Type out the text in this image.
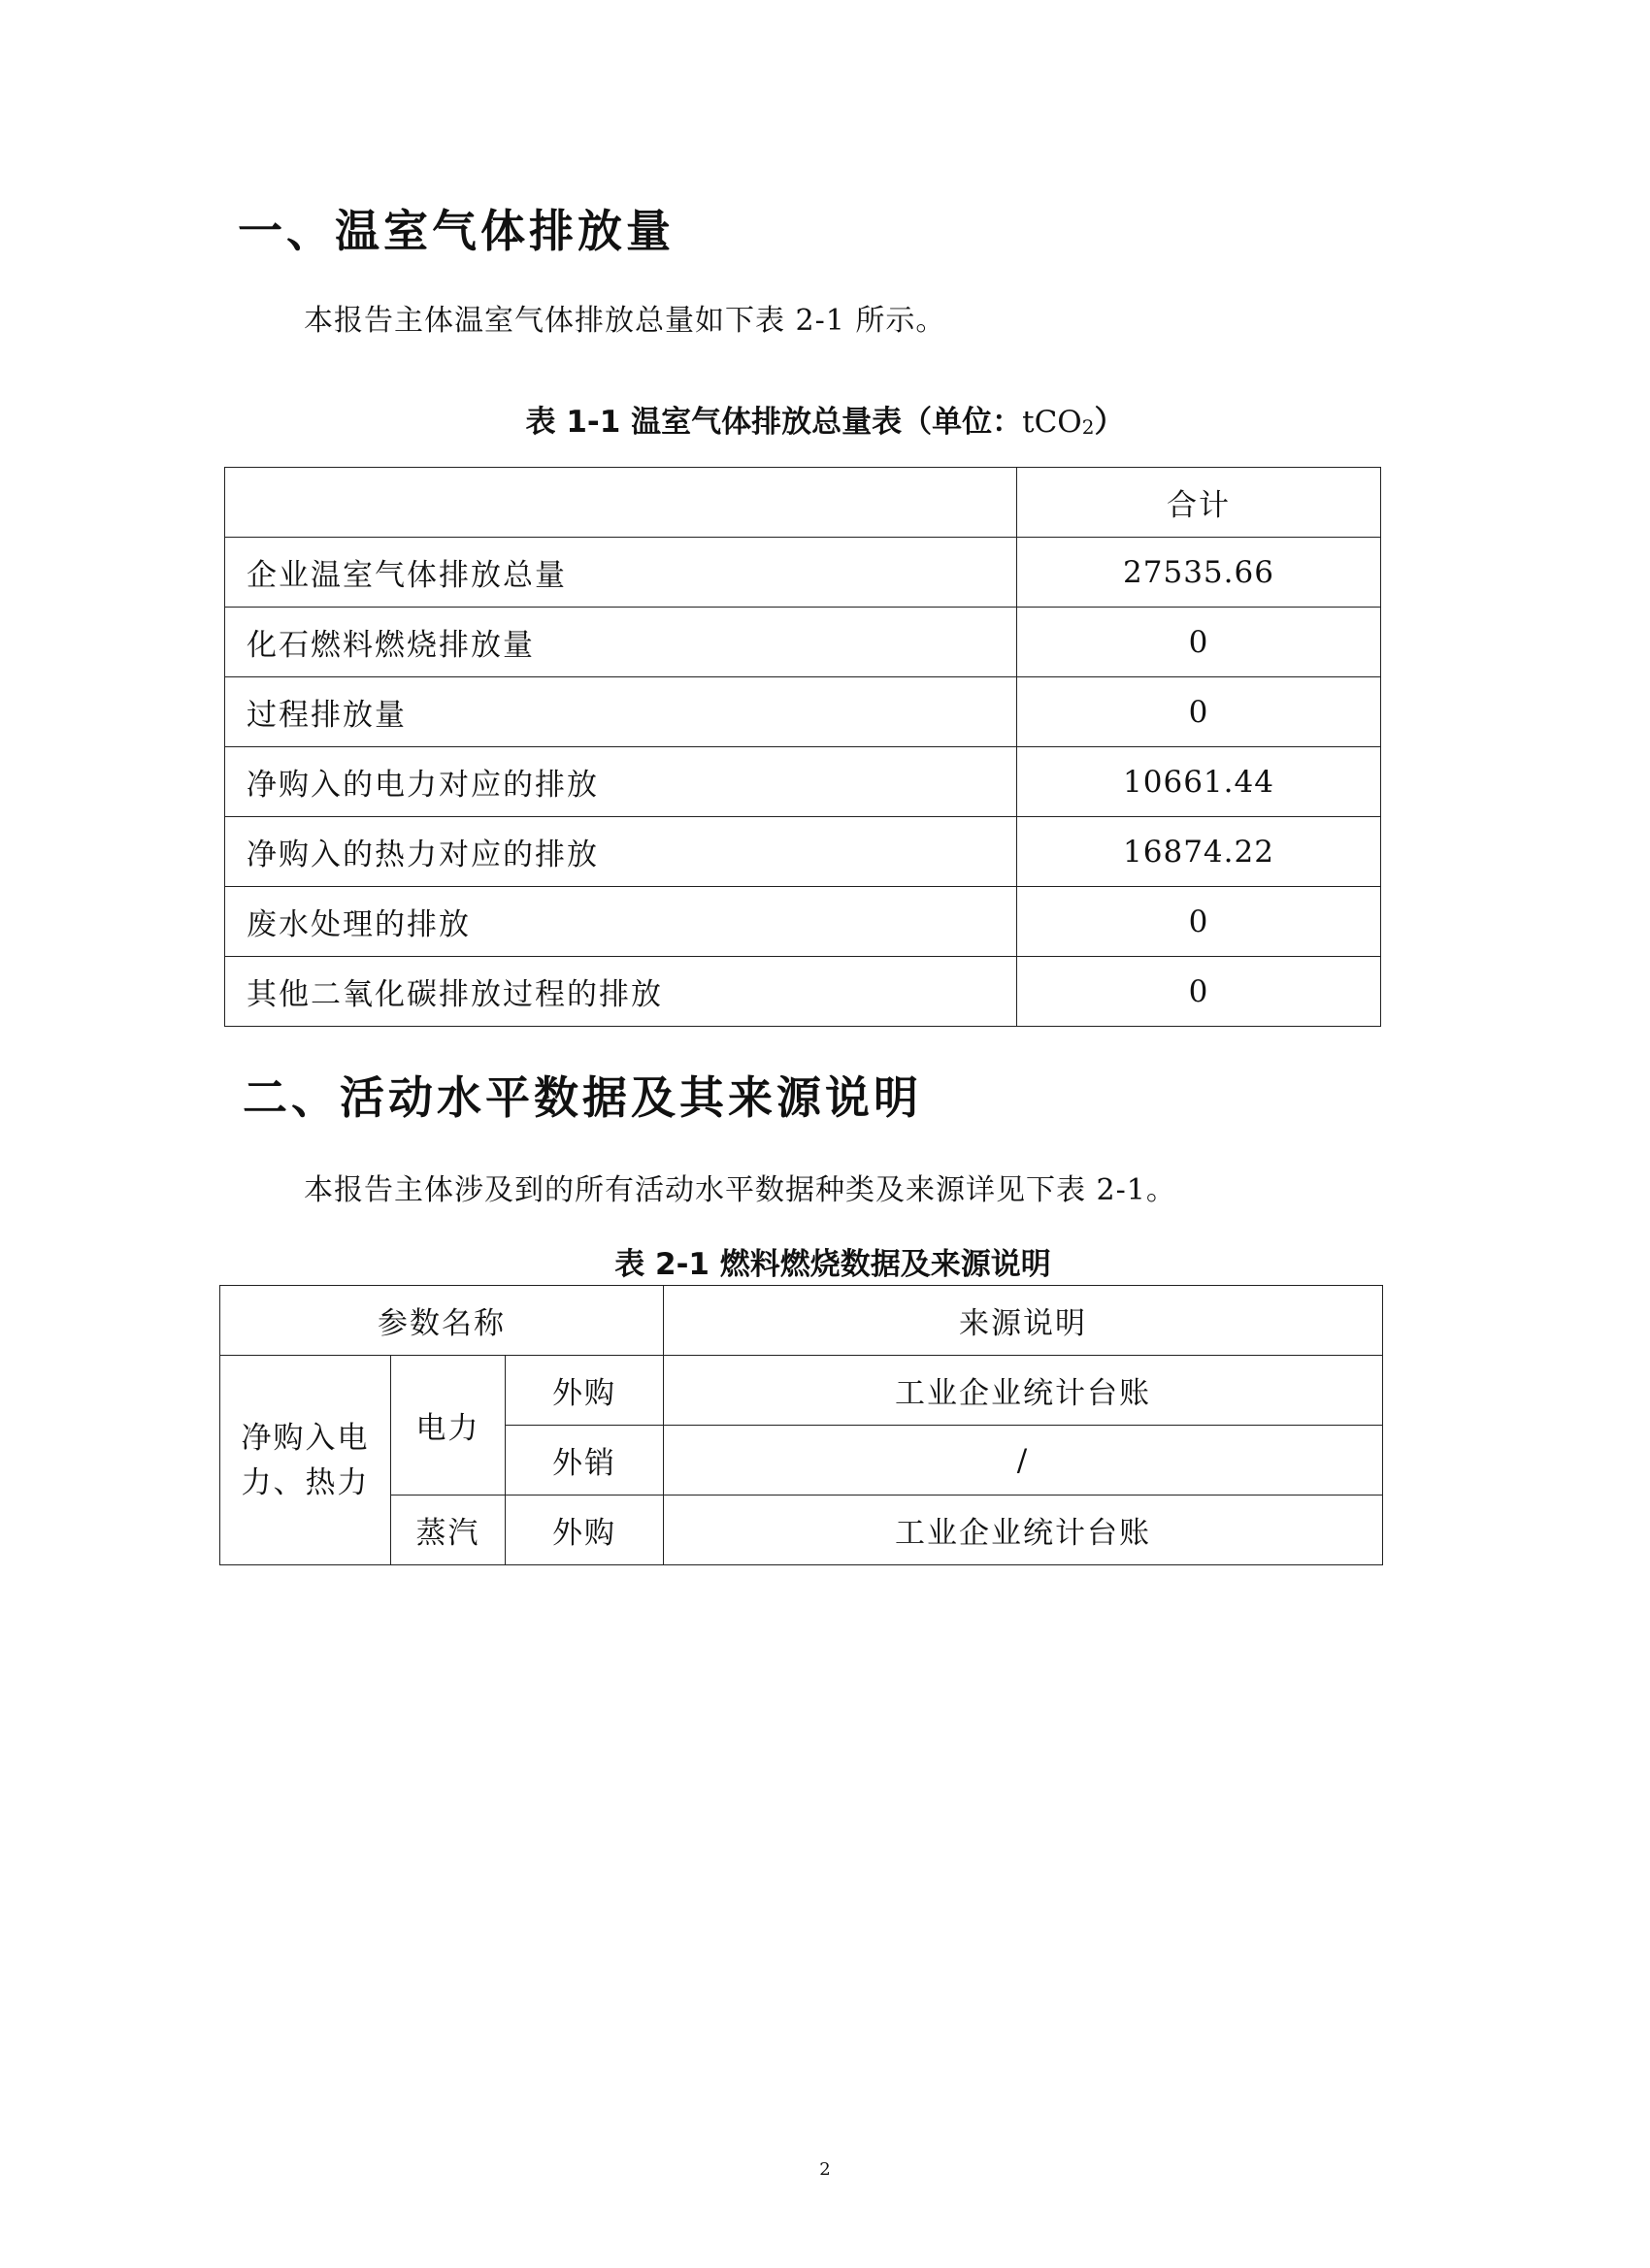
一、温室气体排放量
本报告主体温室气体排放总量如下表 2-1 所示。
表 1-1 温室气体排放总量表（单位：tCO$_2$）
	合计
企业温室气体排放总量	27535.66
化石燃料燃烧排放量	0
过程排放量	0
净购入的电力对应的排放	10661.44
净购入的热力对应的排放	16874.22
废水处理的排放	0
其他二氧化碳排放过程的排放	0
二、活动水平数据及其来源说明
本报告主体涉及到的所有活动水平数据种类及来源详见下表 2-1。
表 2-1 燃料燃烧数据及来源说明
参数名称			来源说明

净购入电力、热力	电力	外购	工业企业统计台账
		外销	/
	蒸汽	外购	工业企业统计台账
2
